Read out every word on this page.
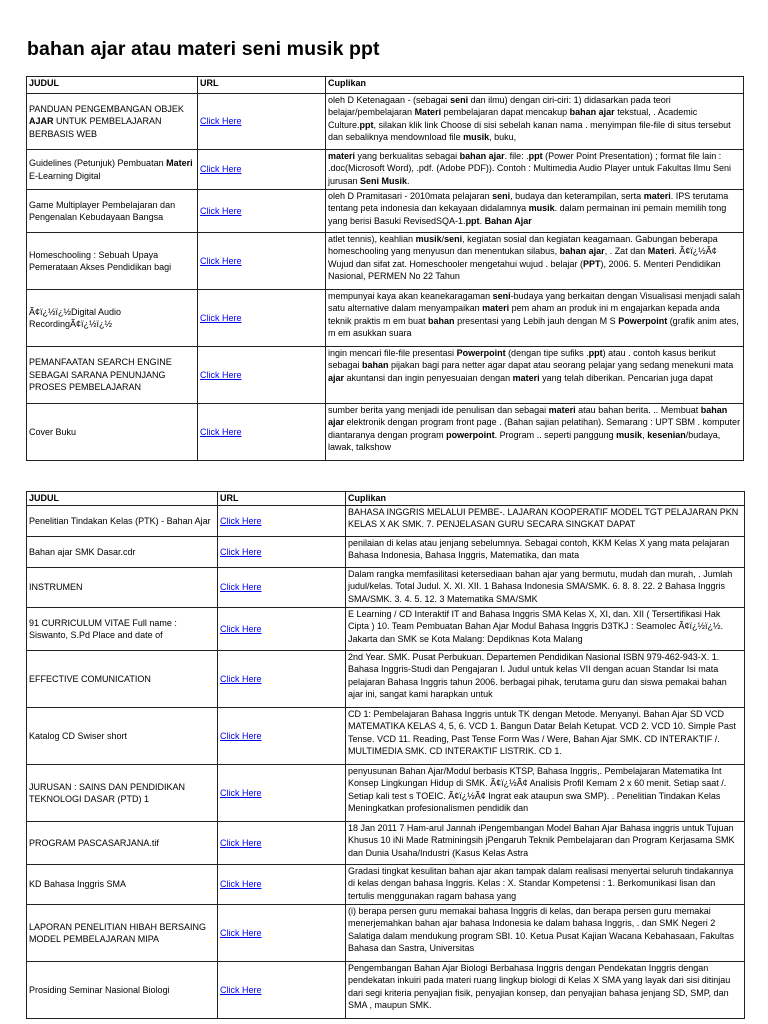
bahan ajar atau materi seni musik ppt
JUDUL	URL	Cuplikan
PANDUAN PENGEMBANGAN OBJEK AJAR UNTUK PEMBELAJARAN BERBASIS WEB	Click Here	oleh D Ketenagaan - (sebagai seni dan ilmu) dengan ciri-ciri: 1) didasarkan pada teori belajar/pembelajaran Materi pembelajaran dapat mencakup bahan ajar tekstual, . Academic Culture.ppt, silakan klik link Choose di sisi sebelah kanan nama . menyimpan file-file di situs tersebut dan sebaliknya mendownload file musik, buku,
Guidelines (Petunjuk) Pembuatan Materi E-Learning Digital	Click Here	materi yang berkualitas sebagai bahan ajar. file: .ppt (Power Point Presentation) ; format file lain : .doc(Microsoft Word), .pdf. (Adobe PDF)). Contoh : Multimedia Audio Player untuk Fakultas Ilmu Seni jurusan Seni Musik.
Game Multiplayer Pembelajaran dan Pengenalan Kebudayaan Bangsa	Click Here	oleh D Pramitasari - 2010mata pelajaran seni, budaya dan keterampilan, serta materi. IPS terutama tentang peta indonesia dan kekayaan didalamnya musik. dalam permainan ini pemain memilih tong yang berisi Basuki RevisedSQA-1.ppt. Bahan Ajar
Homeschooling : Sebuah Upaya Pemerataan Akses Pendidikan bagi	Click Here	atlet tennis), keahlian musik/seni, kegiatan sosial dan kegiatan keagamaan. Gabungan beberapa homeschooling yang menyusun dan menentukan silabus, bahan ajar, . Zat dan Materi. Ã¢ï¿½Ã¢ Wujud dan sifat zat. Homeschooler mengetahui wujud . belajar (PPT), 2006. 5. Menteri Pendidikan Nasional, PERMEN No 22 Tahun
Ã¢ï¿½ï¿½Digital Audio RecordingÃ¢ï¿½ï¿½	Click Here	mempunyai kaya akan keanekaragaman seni-budaya yang berkaitan dengan Visualisasi menjadi salah satu alternative dalam menyampaikan materi pem aham an produk ini m engajarkan kepada anda teknik praktis m em buat bahan presentasi yang Lebih jauh dengan M S Powerpoint (grafik anim ates, m em asukkan suara
PEMANFAATAN SEARCH ENGINE SEBAGAI SARANA PENUNJANG PROSES PEMBELAJARAN	Click Here	ingin mencari file-file presentasi Powerpoint (dengan tipe sufiks .ppt) atau . contoh kasus berikut sebagai bahan pijakan bagi para netter agar dapat atau seorang pelajar yang sedang menekuni mata ajar akuntansi dan ingin penyesuaian dengan materi yang telah diberikan. Pencarian juga dapat
Cover Buku	Click Here	sumber berita yang menjadi ide penulisan dan sebagai materi atau bahan berita. .. Membuat bahan ajar elektronik dengan program front page . (Bahan sajian pelatihan). Semarang : UPT SBM . komputer diantaranya dengan program powerpoint. Program .. seperti panggung musik, kesenian/budaya, lawak, talkshow
JUDUL	URL	Cuplikan
Penelitian Tindakan Kelas (PTK) - Bahan Ajar	Click Here	BAHASA INGGRIS MELALUI PEMBE-. LAJARAN KOOPERATIF MODEL TGT PELAJARAN PKN KELAS X AK SMK. 7. PENJELASAN GURU SECARA SINGKAT DAPAT
Bahan ajar SMK Dasar.cdr	Click Here	penilaian di kelas atau jenjang sebelumnya. Sebagai contoh, KKM Kelas X yang mata pelajaran Bahasa Indonesia, Bahasa Inggris, Matematika, dan mata
INSTRUMEN	Click Here	Dalam rangka memfasilitasi ketersediaan bahan ajar yang bermutu, mudah dan murah, . Jumlah judul/kelas. Total Judul. X. XI. XII. 1 Bahasa Indonesia SMA/SMK. 6. 8. 8. 22. 2 Bahasa Inggris SMA/SMK. 3. 4. 5. 12. 3 Matematika SMA/SMK
91 CURRICULUM VITAE Full name : Siswanto, S.Pd Place and date of	Click Here	E Learning / CD Interaktif IT and Bahasa Inggris SMA Kelas X, XI, dan. XII ( Tersertifikasi Hak Cipta ) 10. Team Pembuatan Bahan Ajar Modul Bahasa Inggris D3TKJ : Seamolec Ã¢ï¿½ï¿½. Jakarta dan SMK se Kota Malang: Depdiknas Kota Malang
EFFECTIVE COMUNICATION	Click Here	2nd Year. SMK. Pusat Perbukuan. Departemen Pendidikan Nasional ISBN 979-462-943-X. 1. Bahasa Inggris-Studi dan Pengajaran I. Judul untuk kelas VII dengan acuan Standar Isi mata pelajaran Bahasa Inggris tahun 2006. berbagai pihak, terutama guru dan siswa pemakai bahan ajar ini, sangat kami harapkan untuk
Katalog CD Swiser short	Click Here	CD 1: Pembelajaran Bahasa Inggris untuk TK dengan Metode. Menyanyi. Bahan Ajar SD VCD MATEMATIKA KELAS 4, 5, 6. VCD 1. Bangun Datar Belah Ketupat. VCD 2. VCD 10. Simple Past Tense. VCD 11. Reading, Past Tense Form Was / Were, Bahan Ajar SMK. CD INTERAKTIF /. MULTIMEDIA SMK. CD INTERAKTIF LISTRIK. CD 1.
JURUSAN : SAINS DAN PENDIDIKAN TEKNOLOGI DASAR (PTD) 1	Click Here	penyusunan Bahan Ajar/Modul berbasis KTSP, Bahasa Inggris,. Pembelajaran Matematika Int Konsep Lingkungan Hidup di SMK. Ã¢ï¿½Ã¢ Analisis Profil Kemam 2 x 60 menit. Setiap saat /. Setiap kali test s TOEIC. Ã¢ï¿½Ã¢ Ingrat eak ataupun swa SMP). . Penelitian Tindakan Kelas Meningkatkan profesionalismen pendidik dan
PROGRAM PASCASARJANA.tif	Click Here	18 Jan 2011 7 Ham-arul Jannah iPengembangan Model Bahan Ajar Bahasa inggris untuk Tujuan Khusus 10 iNi Made Ratminingsih jPengaruh Teknik Pembelajaran dan Program Kerjasama SMK dan Dunia Usaha/Industri (Kasus Kelas Astra
KD Bahasa Inggris SMA	Click Here	Gradasi tingkat kesulitan bahan ajar akan tampak dalam realisasi menyertai seluruh tindakannya di kelas dengan bahasa Inggris. Kelas : X. Standar Kompetensi : 1. Berkomunikasi lisan dan tertulis menggunakan ragam bahasa yang
LAPORAN PENELITIAN HIBAH BERSAING MODEL PEMBELAJARAN MIPA	Click Here	(i) berapa persen guru memakai bahasa Inggris di kelas, dan berapa persen guru memakai menerjemahkan bahan ajar bahasa Indonesia ke dalam bahasa Inggris, . dan SMK Negeri 2 Salatiga dalam mendukung program SBI. 10. Ketua Pusat Kajian Wacana Kebahasaan, Fakultas Bahasa dan Sastra, Universitas
Prosiding Seminar Nasional Biologi	Click Here	Pengembangan Bahan Ajar Biologi Berbahasa Inggris dengan Pendekatan Inggris dengan pendekatan inkuiri pada materi ruang lingkup biologi di Kelas X SMA yang layak dari sisi ditinjau dari segi kriteria penyajian fisik, penyajian konsep, dan penyajian bahasa jenjang SD, SMP, dan SMA , maupun SMK.
